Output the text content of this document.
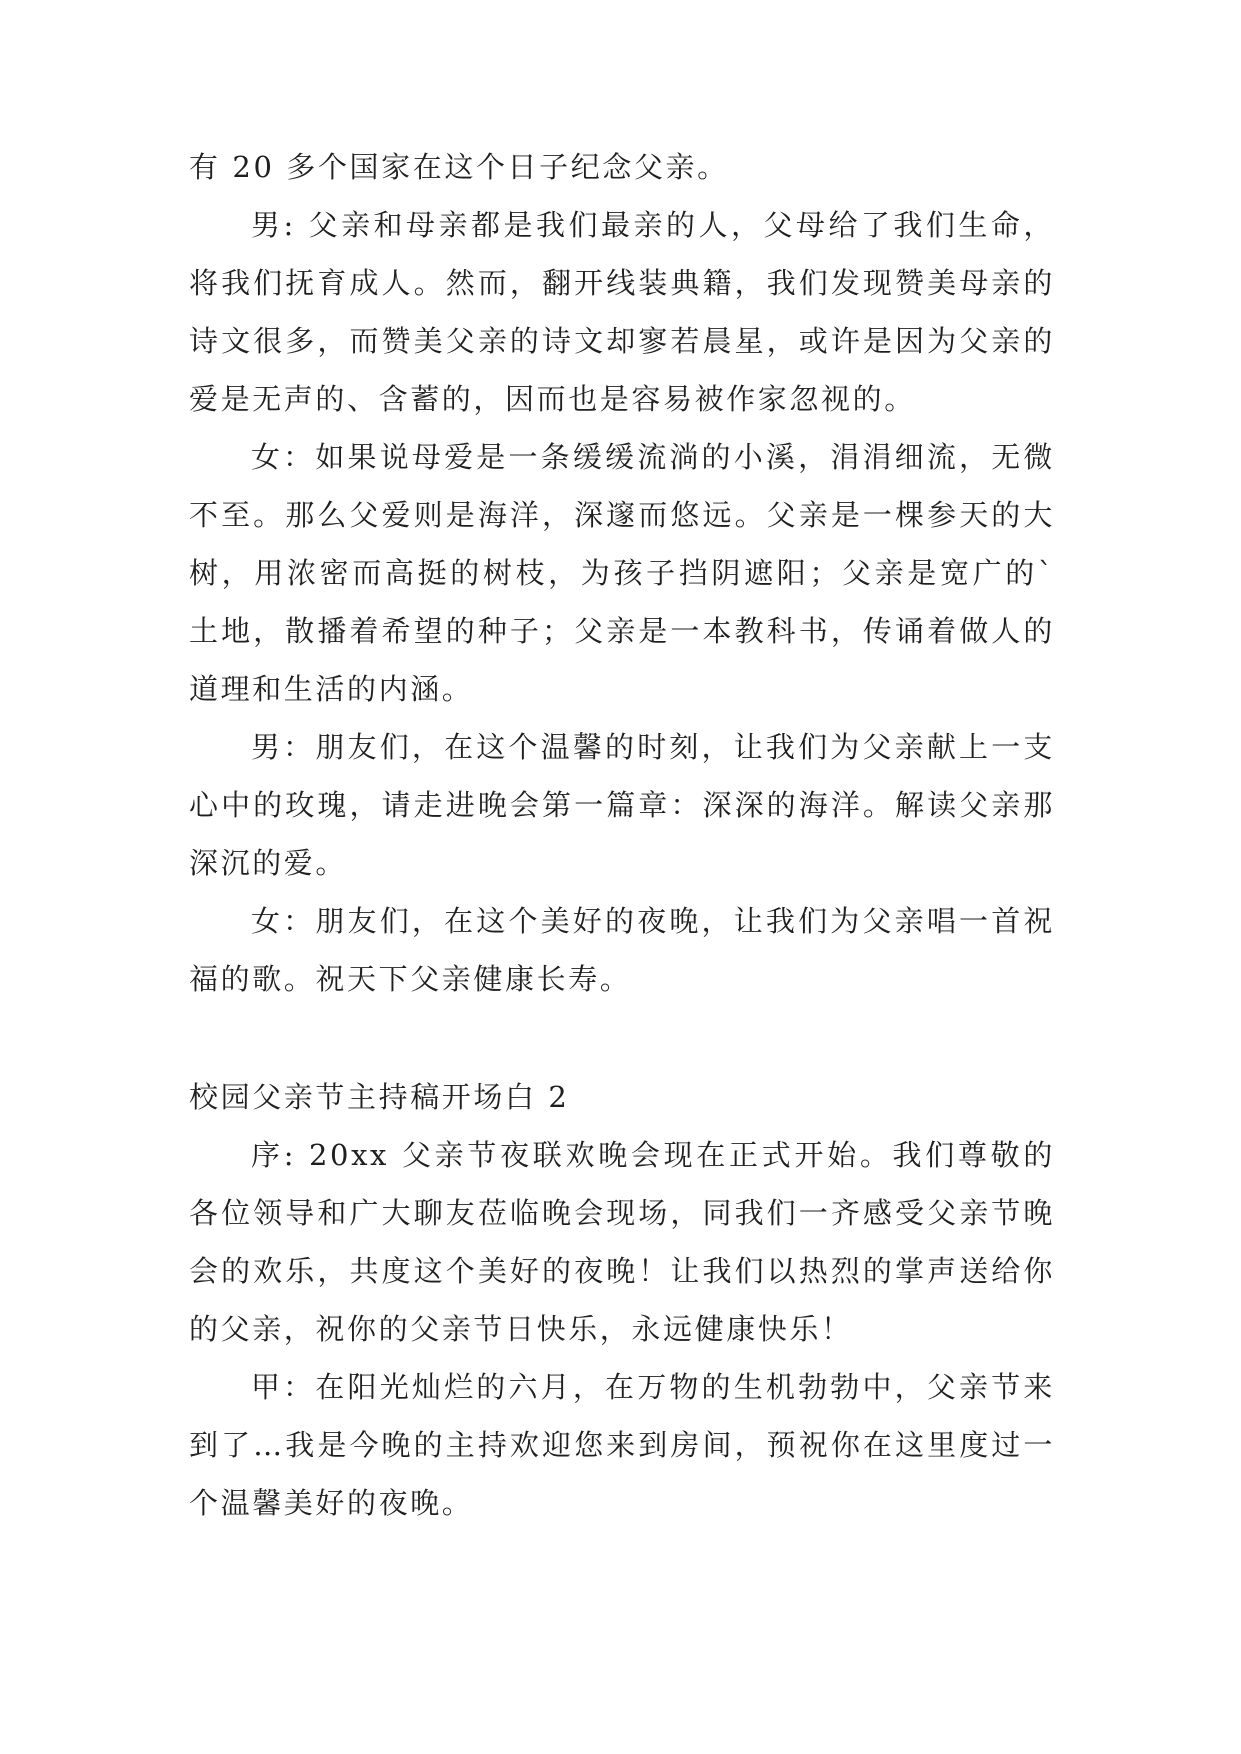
有 20 多个国家在这个日子纪念父亲。

男: 父亲和母亲都是我们最亲的人，父母给了我们生命，将我们抚育成人。然而，翻开线装典籍，我们发现赞美母亲的诗文很多，而赞美父亲的诗文却寥若晨星，或许是因为父亲的爱是无声的、含蓄的，因而也是容易被作家忽视的。

女：如果说母爱是一条缓缓流淌的小溪，涓涓细流，无微不至。那么父爱则是海洋，深邃而悠远。父亲是一棵参天的大树，用浓密而高挺的树枝，为孩子挡阴遮阳；父亲是宽广的`土地，散播着希望的种子；父亲是一本教科书，传诵着做人的道理和生活的内涵。

男：朋友们，在这个温馨的时刻，让我们为父亲献上一支心中的玫瑰，请走进晚会第一篇章：深深的海洋。解读父亲那深沉的爱。

女：朋友们，在这个美好的夜晚，让我们为父亲唱一首祝福的歌。祝天下父亲健康长寿。

校园父亲节主持稿开场白 2

序: 20xx 父亲节夜联欢晚会现在正式开始。我们尊敬的各位领导和广大聊友莅临晚会现场，同我们一齐感受父亲节晚会的欢乐，共度这个美好的夜晚！让我们以热烈的掌声送给你的父亲，祝你的父亲节日快乐，永远健康快乐！

甲：在阳光灿烂的六月，在万物的生机勃勃中，父亲节来到了…我是今晚的主持欢迎您来到房间，预祝你在这里度过一个温馨美好的夜晚。
